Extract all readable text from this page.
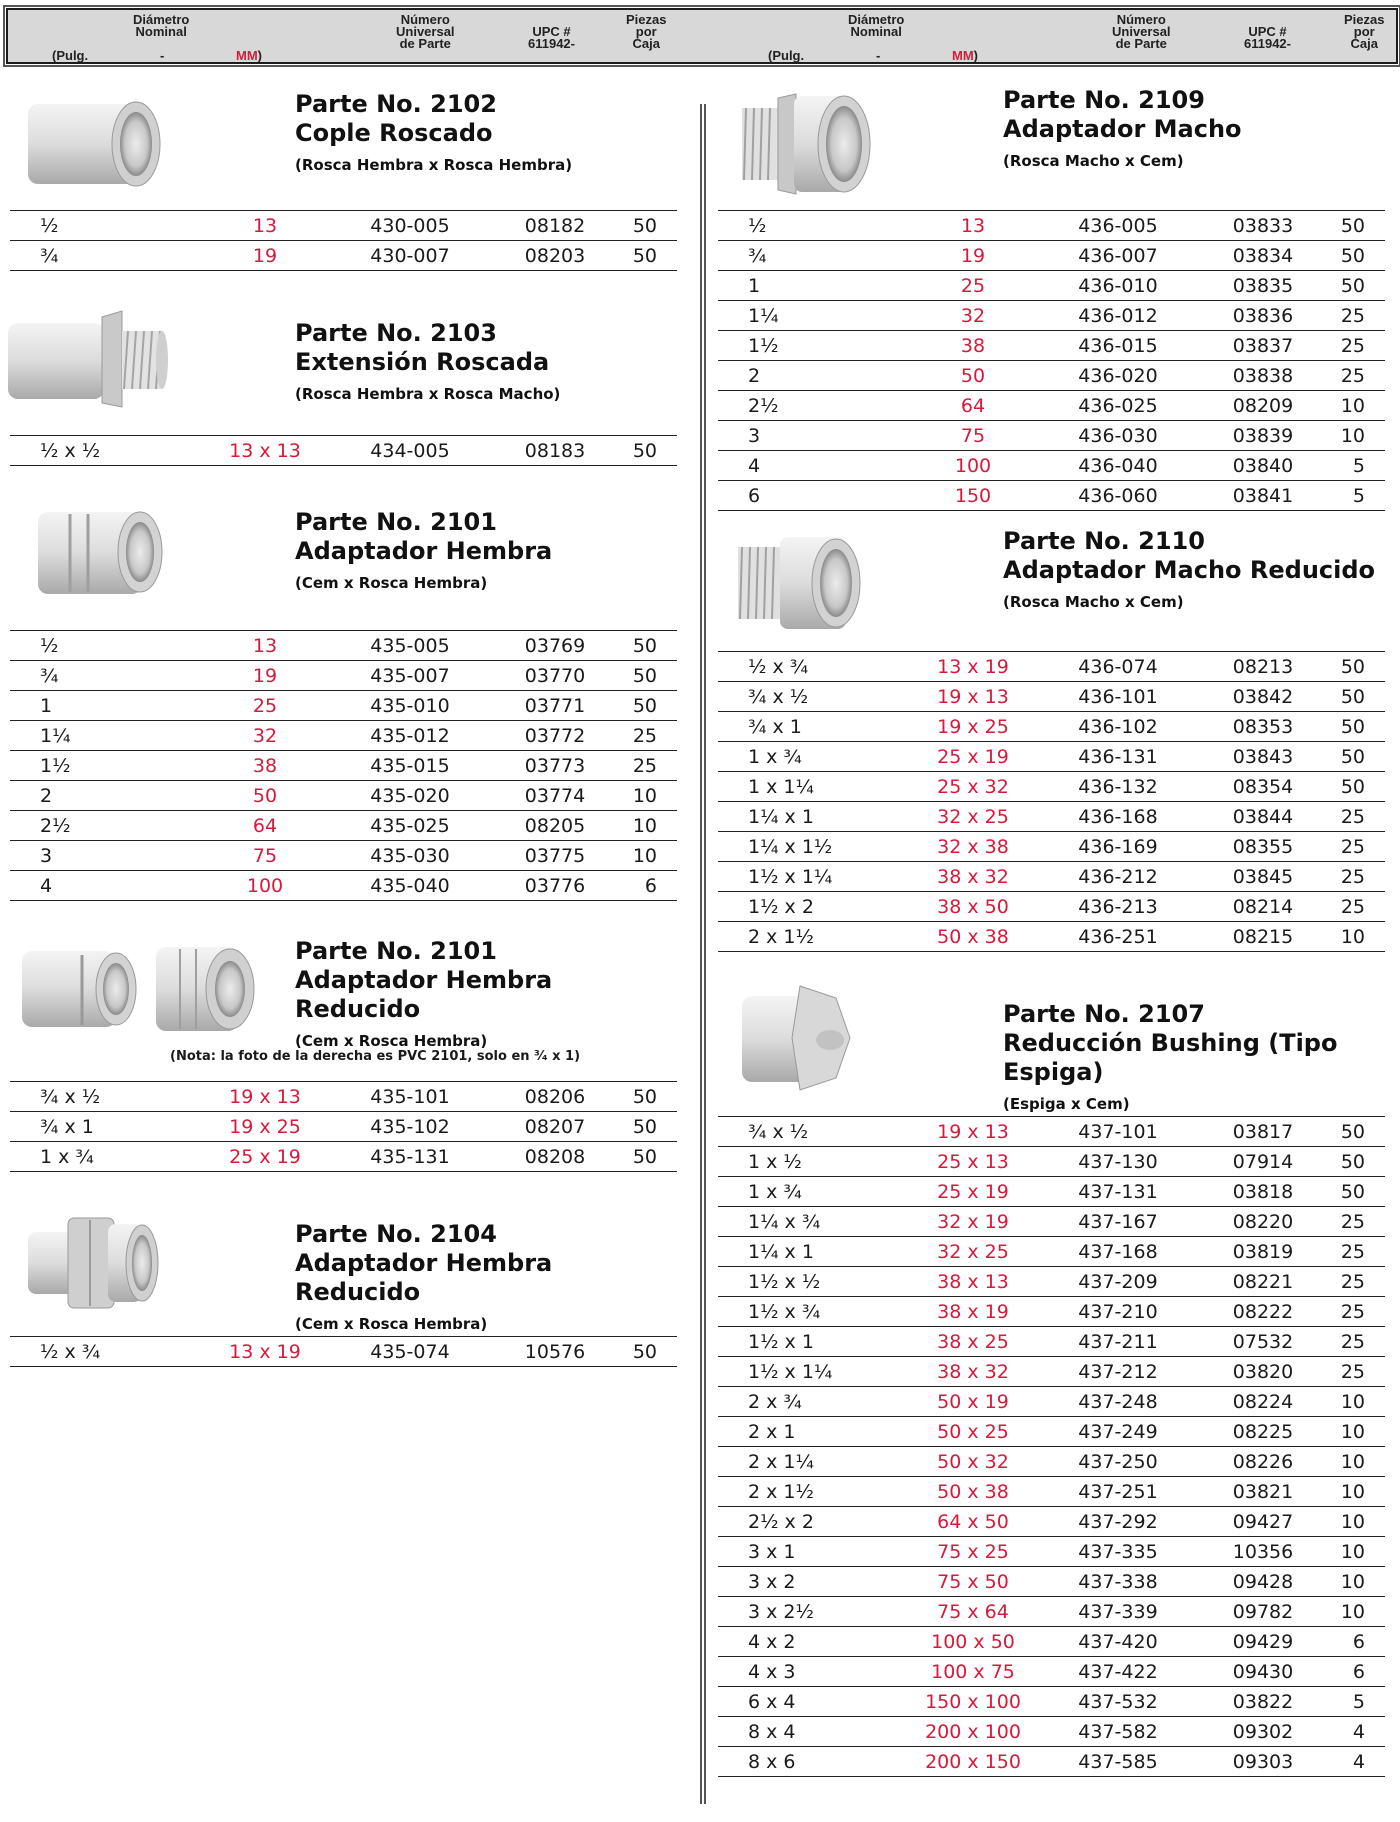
Diámetro
Nominal
(Pulg.	-	MM)
Número
Universal
de Parte
UPC #
611942-
Piezas
por
Caja
Diámetro
Nominal
(Pulg.	-	MM)
Número
Universal
de Parte
UPC #
611942-
Piezas
por
Caja
Parte No. 2102
Cople Roscado
(Rosca Hembra x Rosca Hembra)
½	13	430-005	08182	50
¾	19	430-007	08203	50
Parte No. 2103
Extensión Roscada
(Rosca Hembra x Rosca Macho)
½ x ½	13 x 13	434-005	08183	50
Parte No. 2101
Adaptador Hembra
(Cem x Rosca Hembra)
½	13	435-005	03769	50
¾	19	435-007	03770	50
1	25	435-010	03771	50
1¼	32	435-012	03772	25
1½	38	435-015	03773	25
2	50	435-020	03774	10
2½	64	435-025	08205	10
3	75	435-030	03775	10
4	100	435-040	03776	6
Parte No. 2101
Adaptador Hembra Reducido
(Cem x Rosca Hembra)
(Nota: la foto de la derecha es PVC 2101, solo en ³⁄₄ x 1)
¾ x ½	19 x 13	435-101	08206	50
¾ x 1	19 x 25	435-102	08207	50
1 x ¾	25 x 19	435-131	08208	50
Parte No. 2104
Adaptador Hembra Reducido
(Cem x Rosca Hembra)
½ x ¾	13 x 19	435-074	10576	50
Parte No. 2109
Adaptador Macho
(Rosca Macho x Cem)
½	13	436-005	03833	50
¾	19	436-007	03834	50
1	25	436-010	03835	50
1¼	32	436-012	03836	25
1½	38	436-015	03837	25
2	50	436-020	03838	25
2½	64	436-025	08209	10
3	75	436-030	03839	10
4	100	436-040	03840	5
6	150	436-060	03841	5
Parte No. 2110
Adaptador Macho Reducido
(Rosca Macho x Cem)
½ x ¾	13 x 19	436-074	08213	50
¾ x ½	19 x 13	436-101	03842	50
¾ x 1	19 x 25	436-102	08353	50
1 x ¾	25 x 19	436-131	03843	50
1 x 1¼	25 x 32	436-132	08354	50
1¼ x 1	32 x 25	436-168	03844	25
1¼ x 1½	32 x 38	436-169	08355	25
1½ x 1¼	38 x 32	436-212	03845	25
1½ x 2	38 x 50	436-213	08214	25
2 x 1½	50 x 38	436-251	08215	10
Parte No. 2107
Reducción Bushing (Tipo Espiga)
(Espiga x Cem)
¾ x ½	19 x 13	437-101	03817	50
1 x ½	25 x 13	437-130	07914	50
1 x ¾	25 x 19	437-131	03818	50
1¼ x ¾	32 x 19	437-167	08220	25
1¼ x 1	32 x 25	437-168	03819	25
1½ x ½	38 x 13	437-209	08221	25
1½ x ¾	38 x 19	437-210	08222	25
1½ x 1	38 x 25	437-211	07532	25
1½ x 1¼	38 x 32	437-212	03820	25
2 x ¾	50 x 19	437-248	08224	10
2 x 1	50 x 25	437-249	08225	10
2 x 1¼	50 x 32	437-250	08226	10
2 x 1½	50 x 38	437-251	03821	10
2½ x 2	64 x 50	437-292	09427	10
3 x 1	75 x 25	437-335	10356	10
3 x 2	75 x 50	437-338	09428	10
3 x 2½	75 x 64	437-339	09782	10
4 x 2	100 x 50	437-420	09429	6
4 x 3	100 x 75	437-422	09430	6
6 x 4	150 x 100	437-532	03822	5
8 x 4	200 x 100	437-582	09302	4
8 x 6	200 x 150	437-585	09303	4
